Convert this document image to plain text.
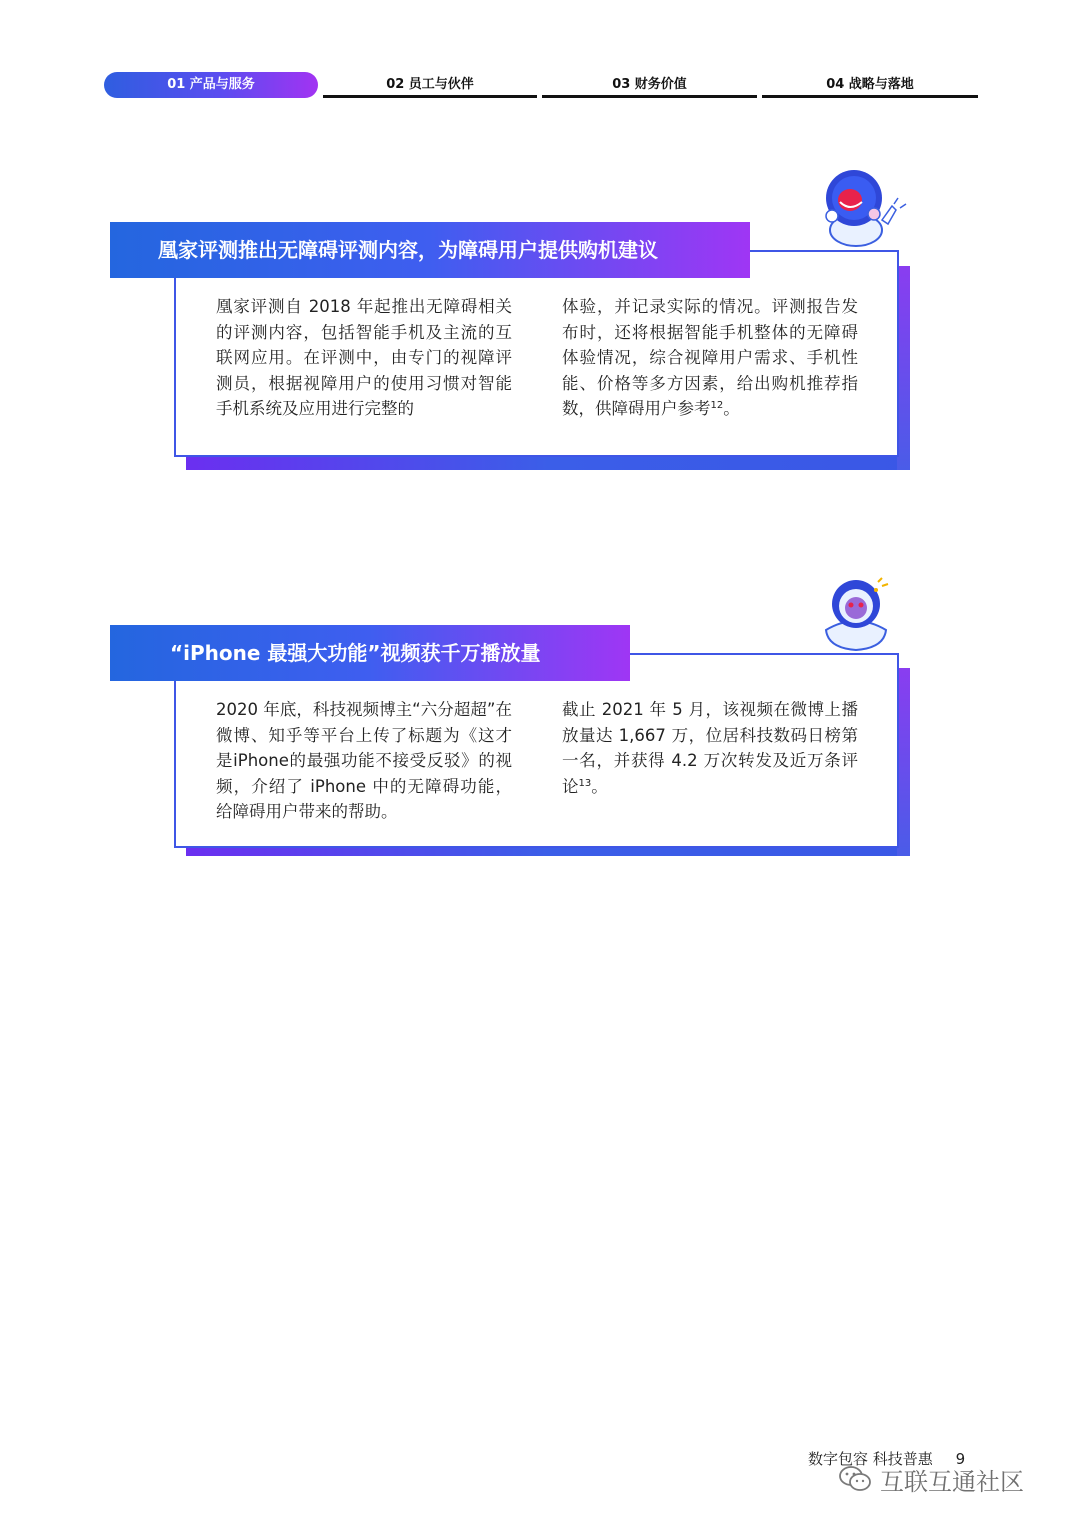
01 产品与服务	02 员工与伙伴	03 财务价值	04 战略与落地
凰家评测推出无障碍评测内容，为障碍用户提供购机建议
凰家评测自 2018 年起推出无障碍相关的评测内容，包括智能手机及主流的互联网应用。在评测中，由专门的视障评测员，根据视障用户的使用习惯对智能手机系统及应用进行完整的
体验，并记录实际的情况。评测报告发布时，还将根据智能手机整体的无障碍体验情况，综合视障用户需求、手机性能、价格等多方因素，给出购机推荐指数，供障碍用户参考$^{12}$。
“iPhone 最强大功能”视频获千万播放量
2020 年底，科技视频博主“六分超超”在微博、知乎等平台上传了标题为《这才是iPhone的最强功能不接受反驳》的视频，介绍了 iPhone 中的无障碍功能，给障碍用户带来的帮助。
截止 2021 年 5 月，该视频在微博上播放量达 1,667 万，位居科技数码日榜第一名，并获得 4.2 万次转发及近万条评论$^{13}$。
数字包容 科技普惠 9
互联互通社区
